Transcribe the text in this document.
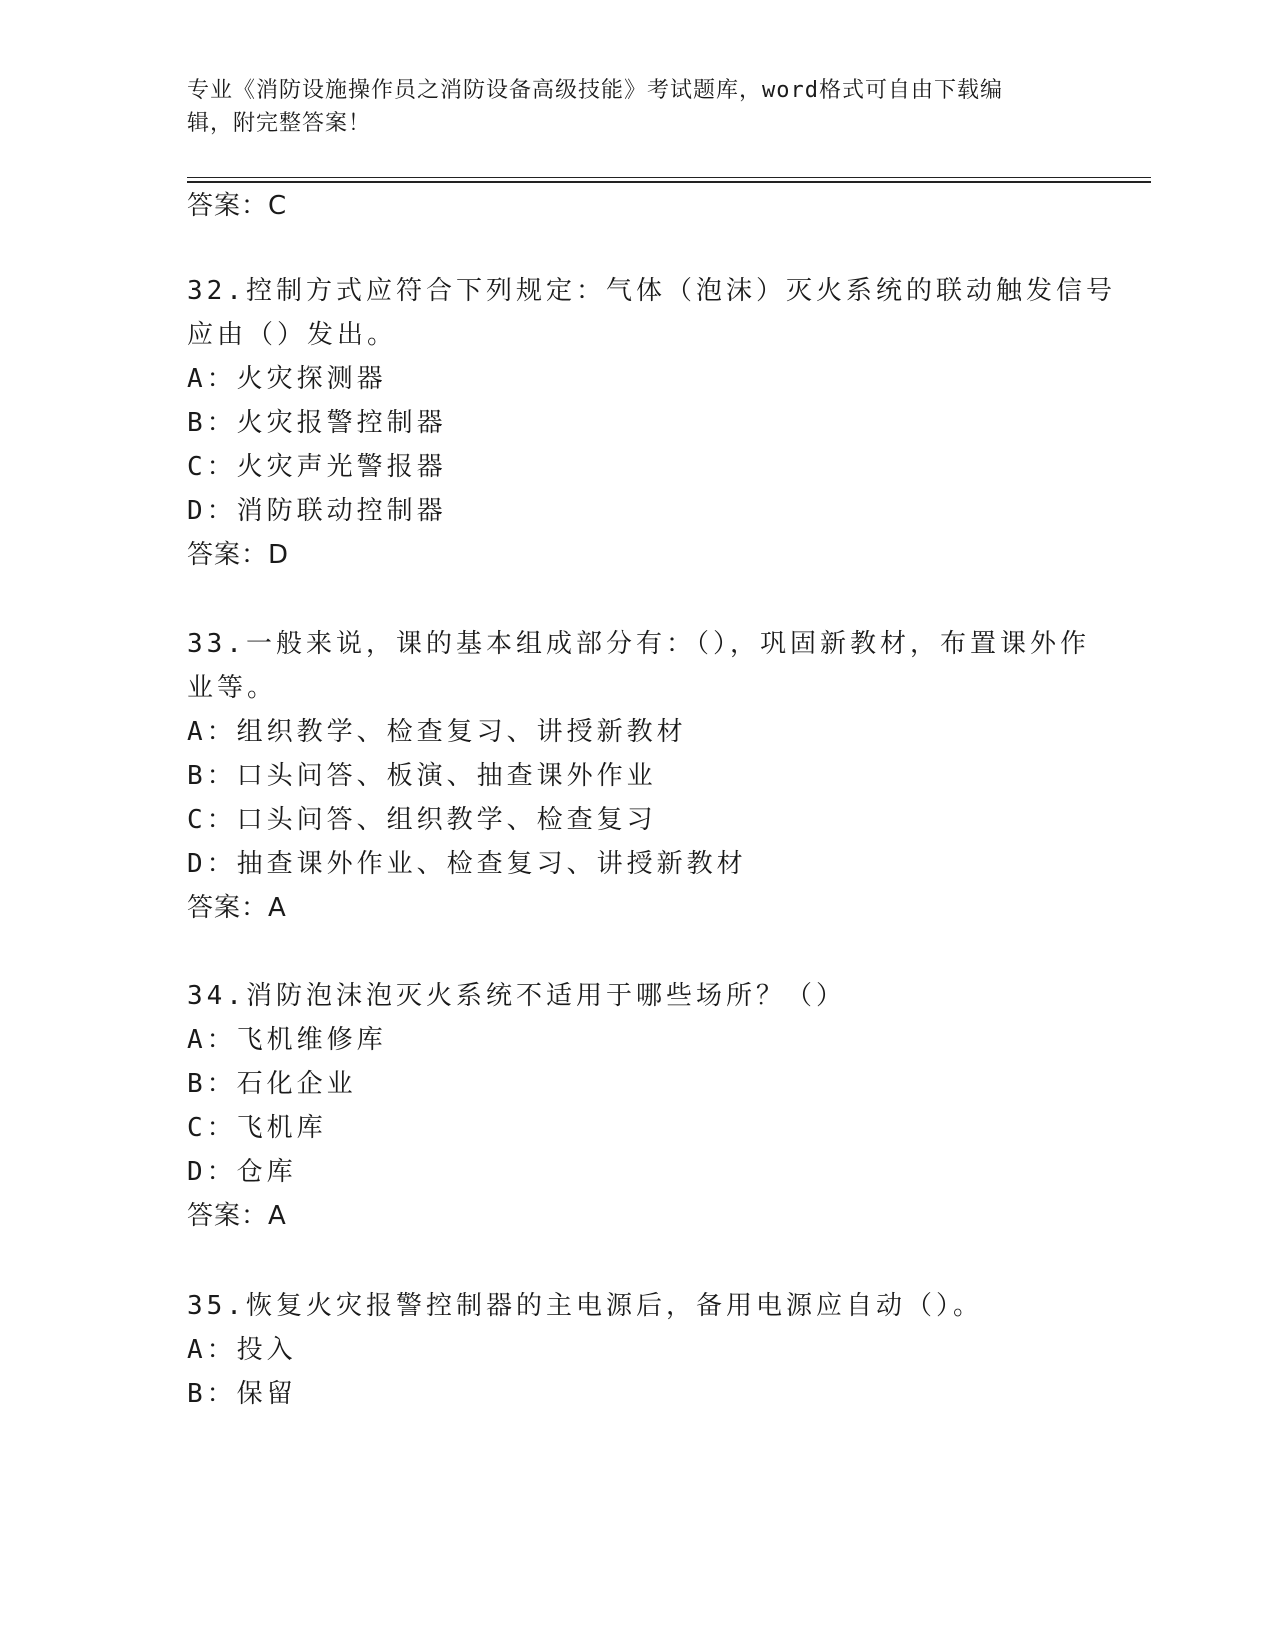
专业《消防设施操作员之消防设备高级技能》考试题库，word格式可自由下载编
辑，附完整答案！
答案：C
32.控制方式应符合下列规定：气体（泡沫）灭火系统的联动触发信号
应由（）发出。
A：火灾探测器
B：火灾报警控制器
C：火灾声光警报器
D：消防联动控制器
答案：D
33.一般来说，课的基本组成部分有：（），巩固新教材，布置课外作
业等。
A：组织教学、检查复习、讲授新教材
B：口头问答、板演、抽查课外作业
C：口头问答、组织教学、检查复习
D：抽查课外作业、检查复习、讲授新教材
答案：A
34.消防泡沫泡灭火系统不适用于哪些场所？（）
A：飞机维修库
B：石化企业
C：飞机库
D：仓库
答案：A
35.恢复火灾报警控制器的主电源后，备用电源应自动（）。
A：投入
B：保留
